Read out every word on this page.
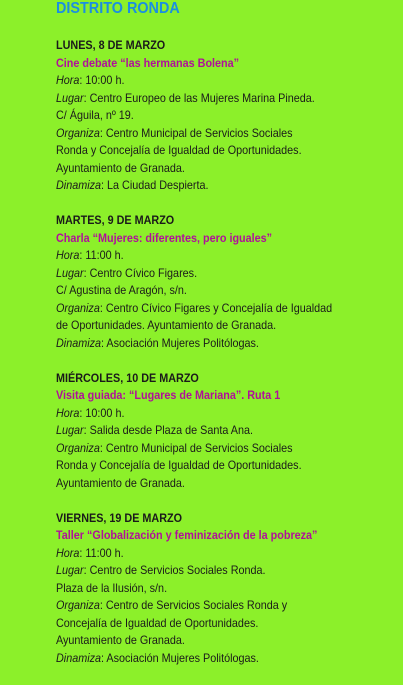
DISTRITO RONDA
LUNES, 8 DE MARZO
Cine debate “las hermanas Bolena”
Hora: 10:00 h.
Lugar: Centro Europeo de las Mujeres Marina Pineda.
C/ Águila, nº 19.
Organiza: Centro Municipal de Servicios Sociales
Ronda y Concejalía de Igualdad de Oportunidades.
Ayuntamiento de Granada.
Dinamiza: La Ciudad Despierta.
MARTES, 9 DE MARZO
Charla “Mujeres: diferentes, pero iguales”
Hora: 11:00 h.
Lugar: Centro Cívico Figares.
C/ Agustina de Aragón, s/n.
Organiza: Centro Cívico Figares y Concejalía de Igualdad
de Oportunidades. Ayuntamiento de Granada.
Dinamiza: Asociación Mujeres Politólogas.
MIÉRCOLES, 10 DE MARZO
Visita guiada: “Lugares de Mariana”. Ruta 1
Hora: 10:00 h.
Lugar: Salida desde Plaza de Santa Ana.
Organiza: Centro Municipal de Servicios Sociales
Ronda y Concejalía de Igualdad de Oportunidades.
Ayuntamiento de Granada.
VIERNES, 19 DE MARZO
Taller “Globalización y feminización de la pobreza”
Hora: 11:00 h.
Lugar: Centro de Servicios Sociales Ronda.
Plaza de la Ilusión, s/n.
Organiza: Centro de Servicios Sociales Ronda y
Concejalía de Igualdad de Oportunidades.
Ayuntamiento de Granada.
Dinamiza: Asociación Mujeres Politólogas.
